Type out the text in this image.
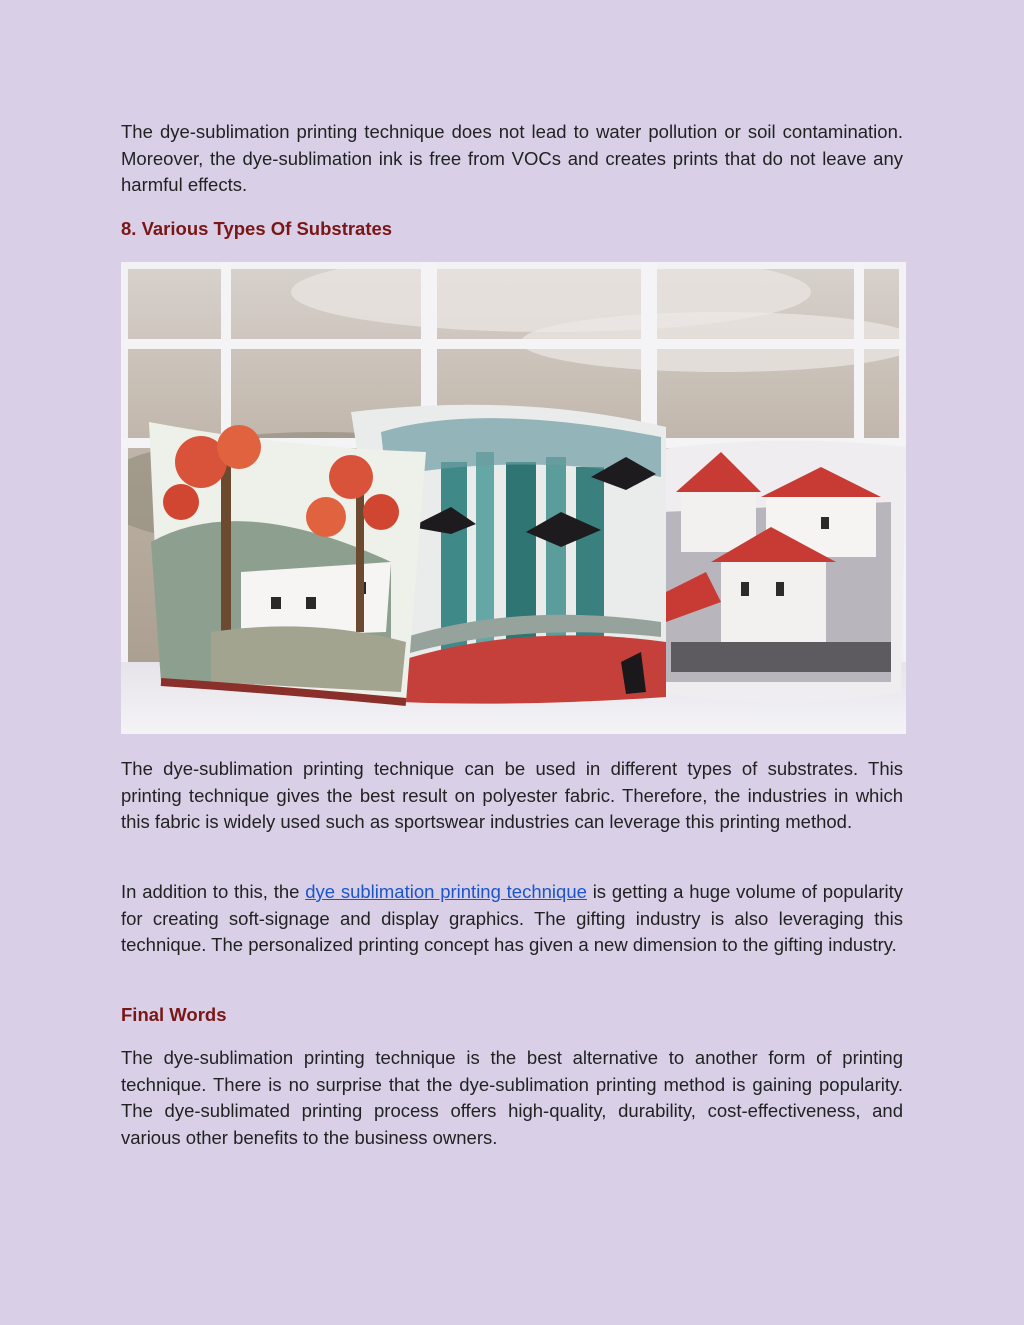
The dye-sublimation printing technique does not lead to water pollution or soil contamination. Moreover, the dye-sublimation ink is free from VOCs and creates prints that do not leave any harmful effects.

8. Various Types Of Substrates

The dye-sublimation printing technique can be used in different types of substrates. This printing technique gives the best result on polyester fabric. Therefore, the industries in which this fabric is widely used such as sportswear industries can leverage this printing method.

In addition to this, the dye sublimation printing technique is getting a huge volume of popularity for creating soft-signage and display graphics. The gifting industry is also leveraging this technique. The personalized printing concept has given a new dimension to the gifting industry.

Final Words

The dye-sublimation printing technique is the best alternative to another form of printing technique. There is no surprise that the dye-sublimation printing method is gaining popularity. The dye-sublimated printing process offers high-quality, durability, cost-effectiveness, and various other benefits to the business owners.
